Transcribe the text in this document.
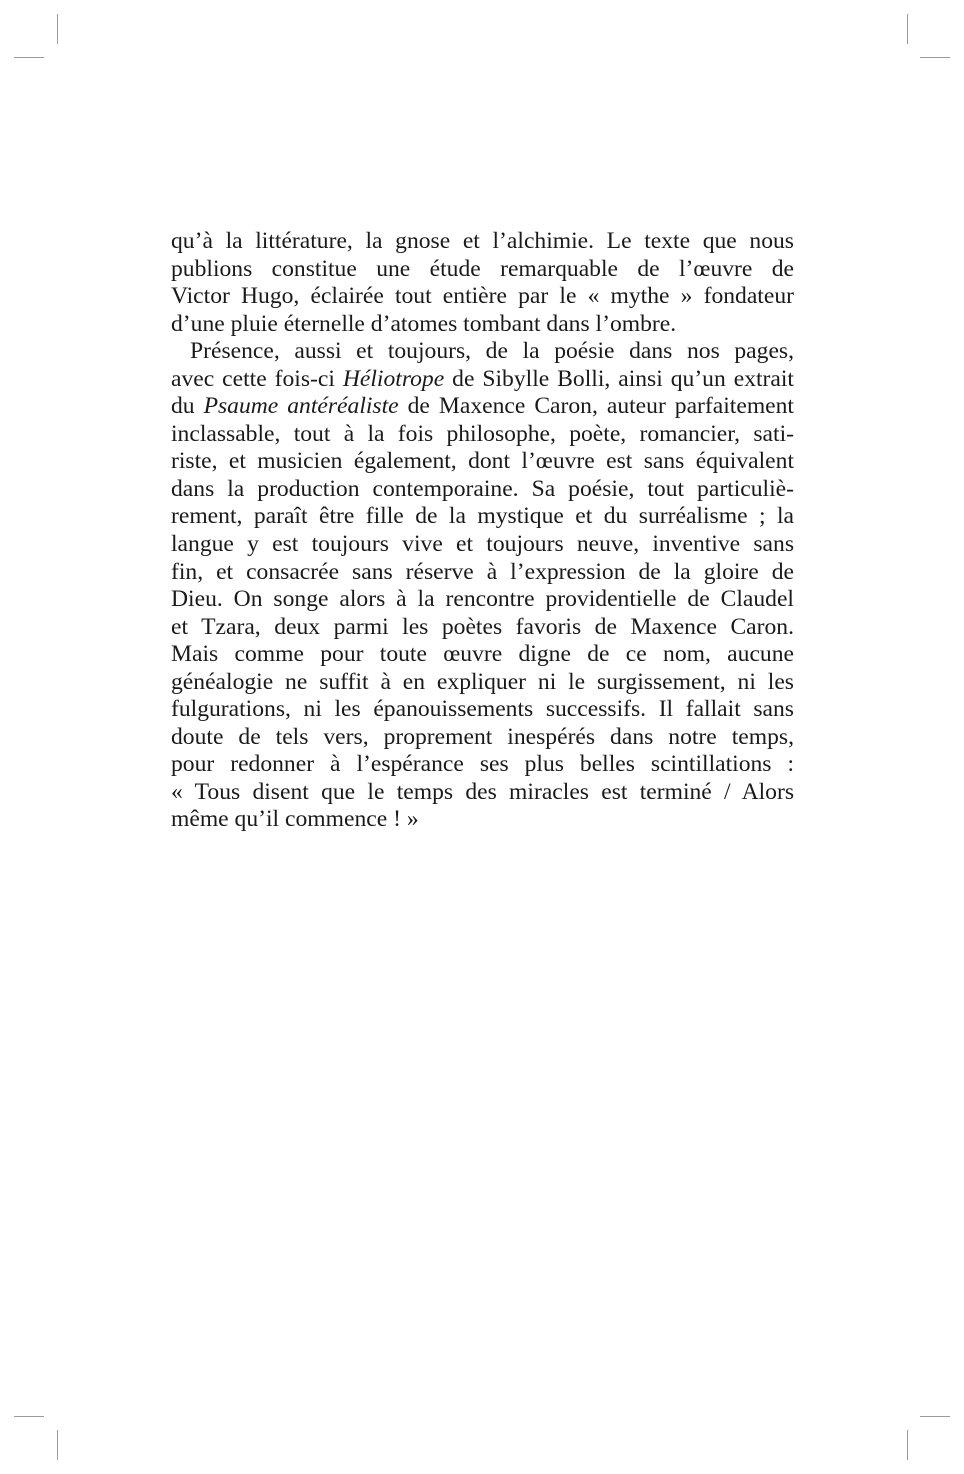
qu’à la littérature, la gnose et l’alchimie. Le texte que nous
publions constitue une étude remarquable de l’œuvre de
Victor Hugo, éclairée tout entière par le « mythe » fondateur
d’une pluie éternelle d’atomes tombant dans l’ombre.
Présence, aussi et toujours, de la poésie dans nos pages,
avec cette fois-ci Héliotrope de Sibylle Bolli, ainsi qu’un extrait
du Psaume antéréaliste de Maxence Caron, auteur parfaitement
inclassable, tout à la fois philosophe, poète, romancier, sati-
riste, et musicien également, dont l’œuvre est sans équivalent
dans la production contemporaine. Sa poésie, tout particuliè-
rement, paraît être fille de la mystique et du surréalisme ; la
langue y est toujours vive et toujours neuve, inventive sans
fin, et consacrée sans réserve à l’expression de la gloire de
Dieu. On songe alors à la rencontre providentielle de Claudel
et Tzara, deux parmi les poètes favoris de Maxence Caron.
Mais comme pour toute œuvre digne de ce nom, aucune
généalogie ne suffit à en expliquer ni le surgissement, ni les
fulgurations, ni les épanouissements successifs. Il fallait sans
doute de tels vers, proprement inespérés dans notre temps,
pour redonner à l’espérance ses plus belles scintillations :
« Tous disent que le temps des miracles est terminé / Alors
même qu’il commence ! »
